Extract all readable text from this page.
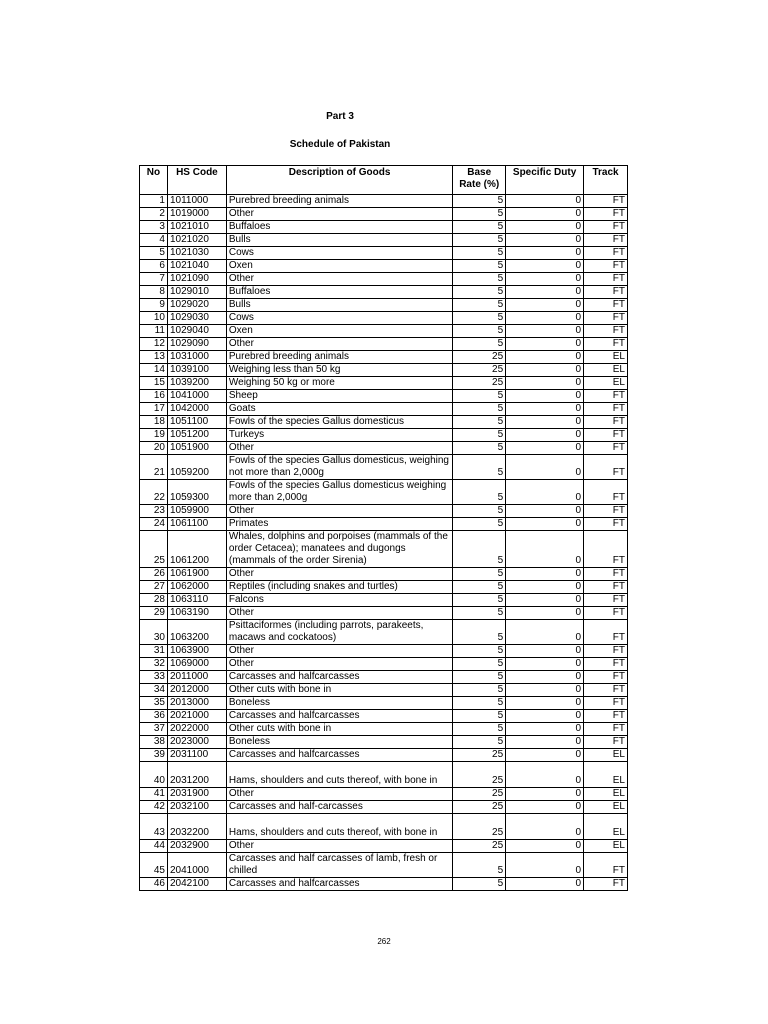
Part 3
Schedule of Pakistan
No	HS Code	Description of Goods	Base Rate (%)	Specific Duty	Track
1	1011000	Purebred breeding animals	5	0	FT
2	1019000	Other	5	0	FT
3	1021010	Buffaloes	5	0	FT
4	1021020	Bulls	5	0	FT
5	1021030	Cows	5	0	FT
6	1021040	Oxen	5	0	FT
7	1021090	Other	5	0	FT
8	1029010	Buffaloes	5	0	FT
9	1029020	Bulls	5	0	FT
10	1029030	Cows	5	0	FT
11	1029040	Oxen	5	0	FT
12	1029090	Other	5	0	FT
13	1031000	Purebred breeding animals	25	0	EL
14	1039100	Weighing less than 50 kg	25	0	EL
15	1039200	Weighing 50 kg or more	25	0	EL
16	1041000	Sheep	5	0	FT
17	1042000	Goats	5	0	FT
18	1051100	Fowls of the species Gallus domesticus	5	0	FT
19	1051200	Turkeys	5	0	FT
20	1051900	Other	5	0	FT
21	1059200	Fowls of the species Gallus domesticus, weighing not more than 2,000g	5	0	FT
22	1059300	Fowls of the species Gallus domesticus weighing more than 2,000g	5	0	FT
23	1059900	Other	5	0	FT
24	1061100	Primates	5	0	FT
25	1061200	Whales, dolphins and porpoises (mammals of the order Cetacea); manatees and dugongs (mammals of the order Sirenia)	5	0	FT
26	1061900	Other	5	0	FT
27	1062000	Reptiles (including snakes and turtles)	5	0	FT
28	1063110	Falcons	5	0	FT
29	1063190	Other	5	0	FT
30	1063200	Psittaciformes (including parrots, parakeets, macaws and cockatoos)	5	0	FT
31	1063900	Other	5	0	FT
32	1069000	Other	5	0	FT
33	2011000	Carcasses and halfcarcasses	5	0	FT
34	2012000	Other cuts with bone in	5	0	FT
35	2013000	Boneless	5	0	FT
36	2021000	Carcasses and halfcarcasses	5	0	FT
37	2022000	Other cuts with bone in	5	0	FT
38	2023000	Boneless	5	0	FT
39	2031100	Carcasses and halfcarcasses	25	0	EL
40	2031200	Hams, shoulders and cuts thereof, with bone in	25	0	EL
41	2031900	Other	25	0	EL
42	2032100	Carcasses and half-carcasses	25	0	EL
43	2032200	Hams, shoulders and cuts thereof, with bone in	25	0	EL
44	2032900	Other	25	0	EL
45	2041000	Carcasses and half carcasses of lamb, fresh or chilled	5	0	FT
46	2042100	Carcasses and halfcarcasses	5	0	FT
262
